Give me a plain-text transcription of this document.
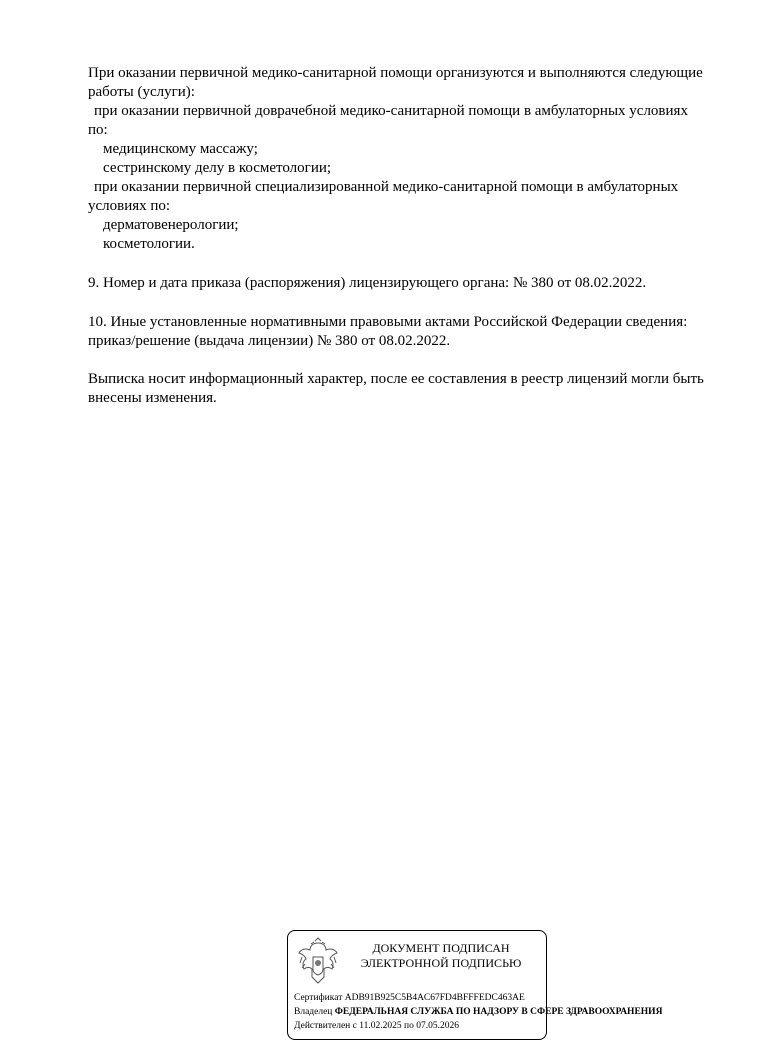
При оказании первичной медико-санитарной помощи организуются и выполняются следующие
работы (услуги):
при оказании первичной доврачебной медико-санитарной помощи в амбулаторных условиях
по:
медицинскому массажу;
сестринскому делу в косметологии;
при оказании первичной специализированной медико-санитарной помощи в амбулаторных
условиях по:
дерматовенерологии;
косметологии.
9. Номер и дата приказа (распоряжения) лицензирующего органа: № 380 от 08.02.2022.
10. Иные установленные нормативными правовыми актами Российской Федерации сведения:
приказ/решение (выдача лицензии) № 380 от 08.02.2022.
Выписка носит информационный характер, после ее составления в реестр лицензий могли быть
внесены изменения.
ДОКУМЕНТ ПОДПИСАН
ЭЛЕКТРОННОЙ ПОДПИСЬЮ
Сертификат ADB91B925C5B4AC67FD4BFFFEDC463AE
Владелец ФЕДЕРАЛЬНАЯ СЛУЖБА ПО НАДЗОРУ В СФЕРЕ ЗДРАВООХРАНЕНИЯ
Действителен с 11.02.2025 по 07.05.2026
